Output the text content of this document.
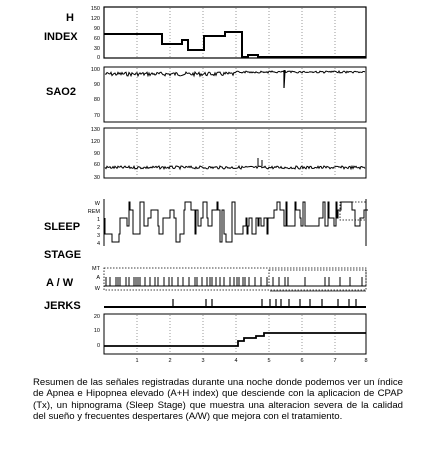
H
INDEX
SAO2
SLEEP
STAGE
A / W
JERKS
150
120
90
60
30
0
100
90
80
70
130
120
90
60
30
W
REM
1
2
3
4
MT
A
W
20
10
0
1	2	3	4	5	6	7	8
Resumen de las señales registradas durante una noche donde podemos ver un índice de Apnea e Hipopnea elevado (A+H index) que desciende con la aplicacion de CPAP (Tx), un hipnograma (Sleep Stage) que muestra una alteracion severa de la calidad del sueño y frecuentes despertares (A/W) que mejora con el tratamiento.
